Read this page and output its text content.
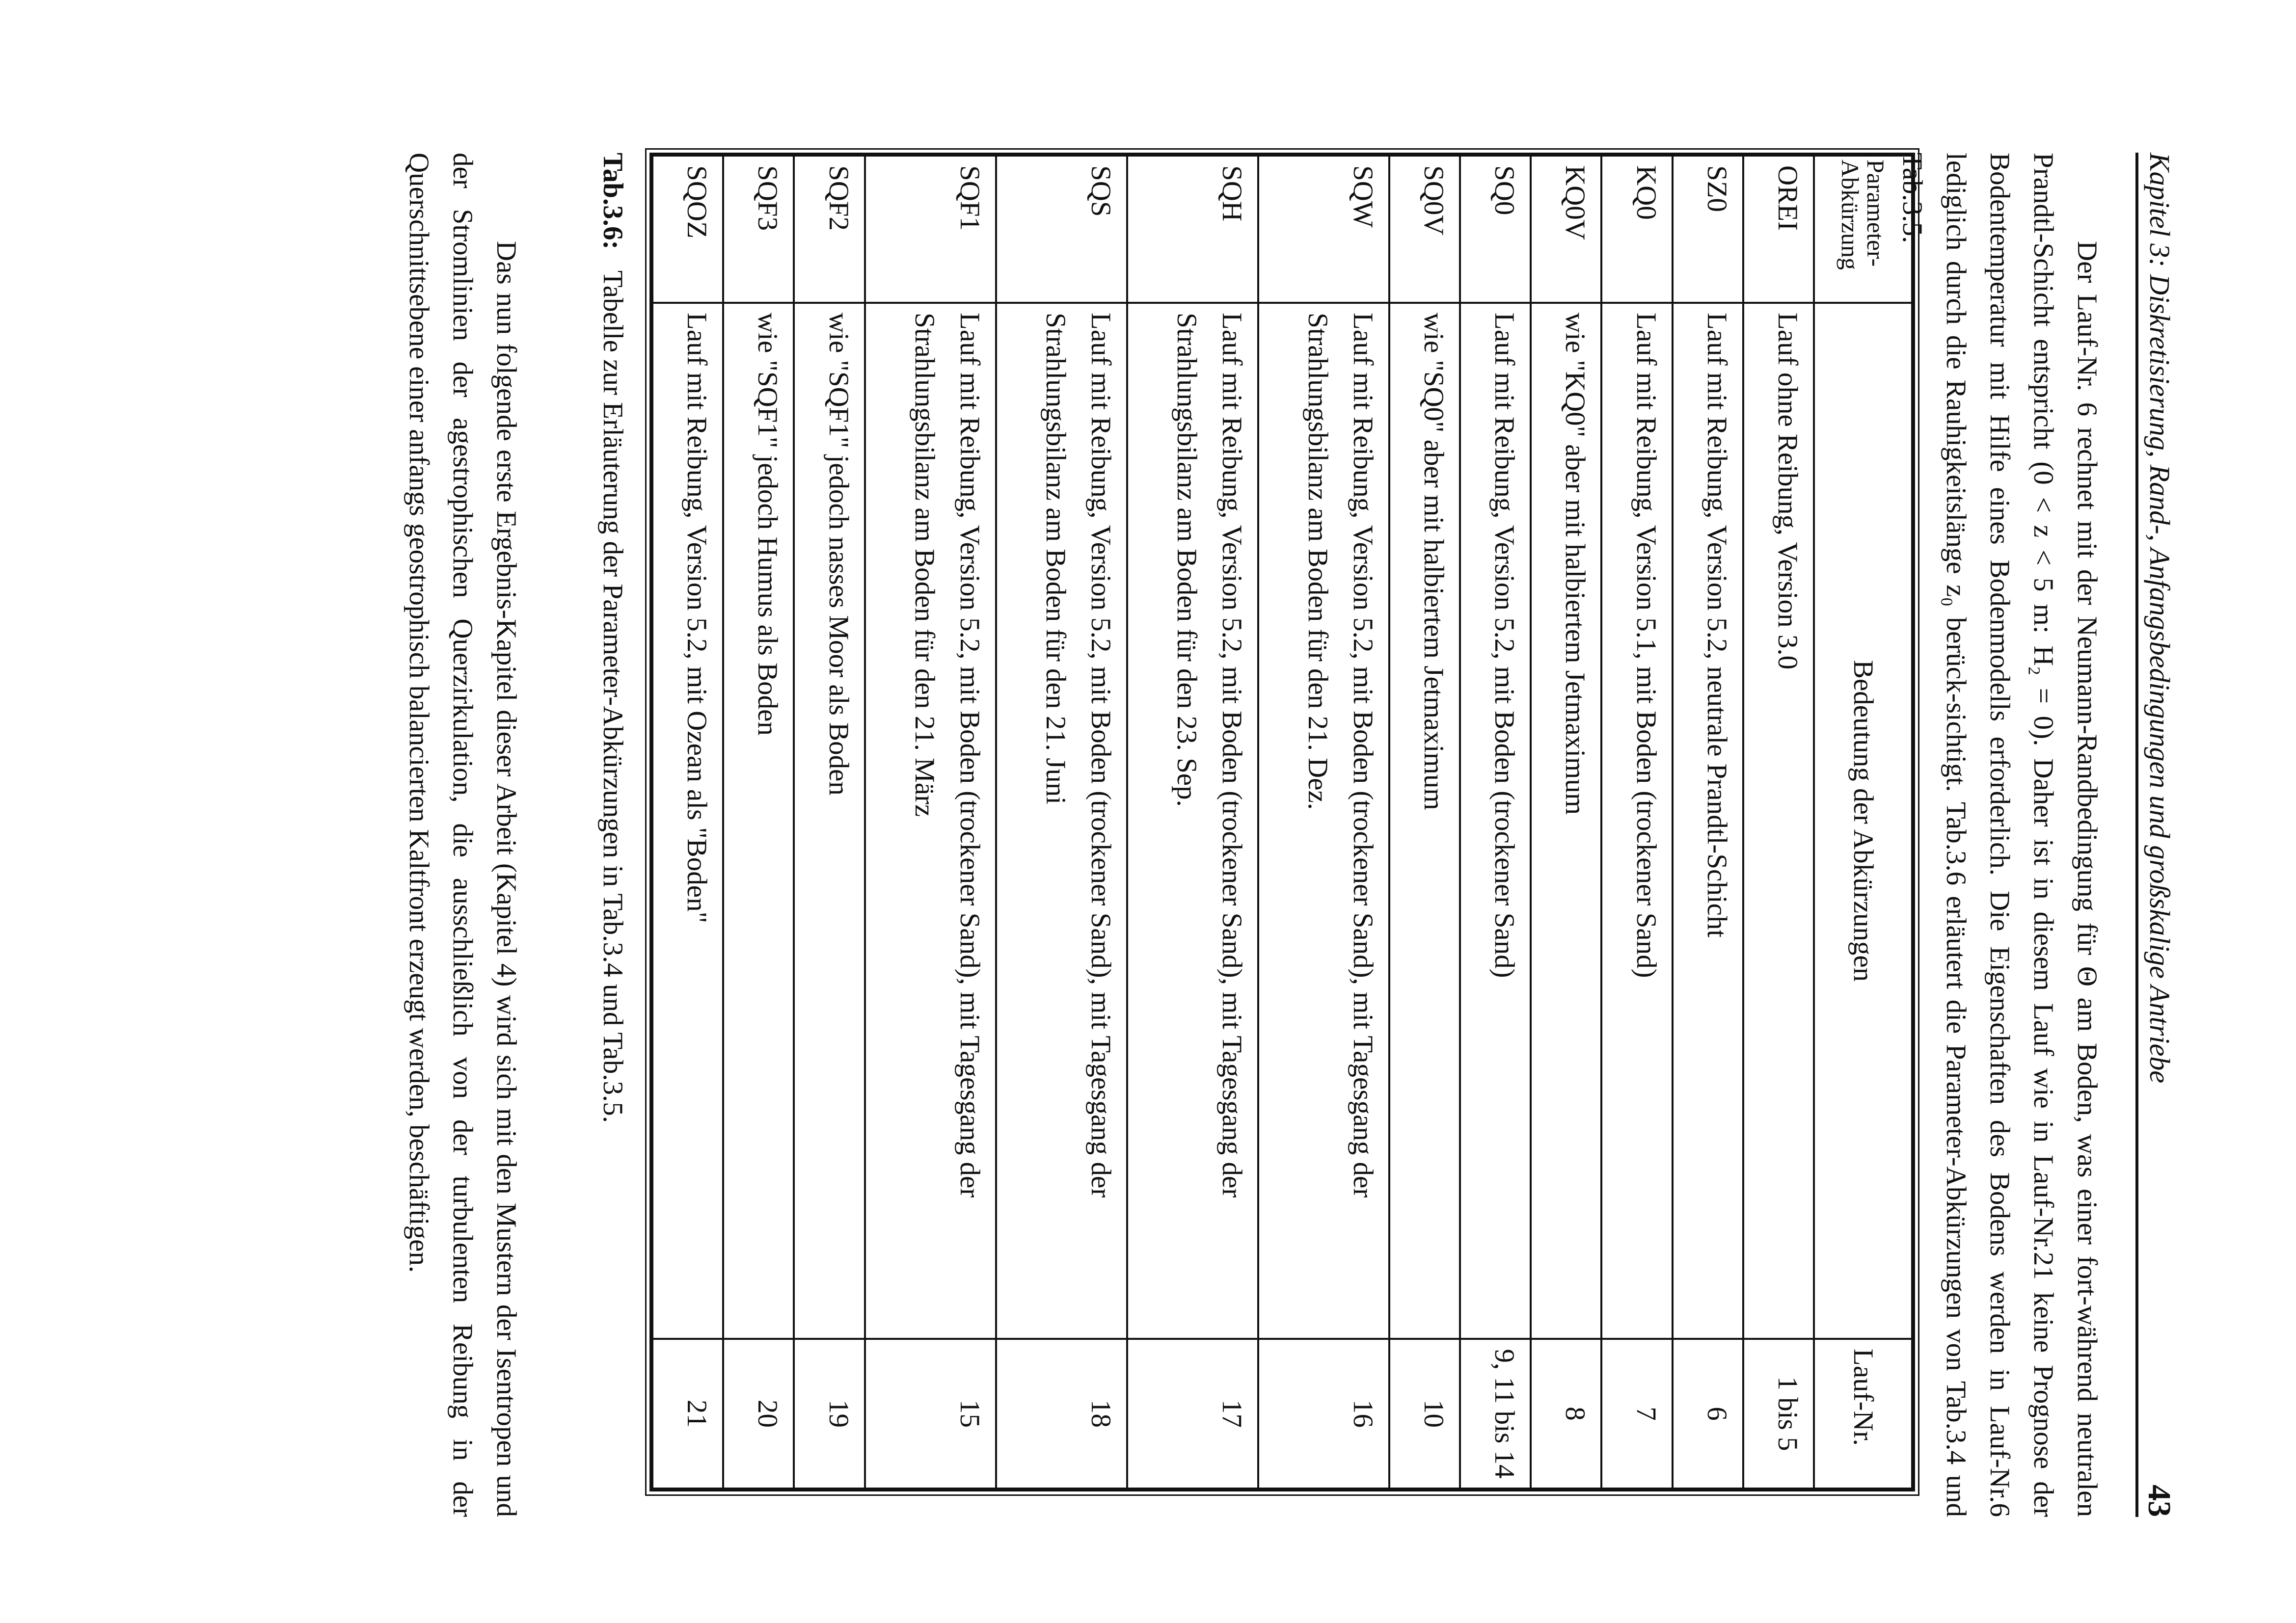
Kapitel 3: Diskretisierung, Rand-, Anfangsbedingungen und großskalige Antriebe
43
Der Lauf-Nr. 6 rechnet mit der Neumann-Randbedingung für Θ am Boden, was einer fort-während neutralen Prandtl-Schicht entspricht (0 < z < 5 m: H₂ = 0). Daher ist in diesem Lauf wie in Lauf-Nr.21 keine Prognose der Bodentemperatur mit Hilfe eines Bodenmodells erforderlich. Die Eigenschaften des Bodens werden in Lauf-Nr.6 lediglich durch die Rauhigkeitslänge z₀ berück-sichtigt. Tab.3.6 erläutert die Parameter-Abkürzungen von Tab.3.4 und Tab.3.5.
Parameter-Abkürzung	Bedeutung der Abkürzungen	Lauf-Nr.
OREI	Lauf ohne Reibung, Version 3.0	1 bis 5
SZ0	Lauf mit Reibung, Version 5.2, neutrale Prandtl-Schicht	6
KQ0	Lauf mit Reibung, Version 5.1, mit Boden (trockener Sand)	7
KQ0V	wie "KQ0" aber mit halbiertem Jetmaximum	8
SQ0	Lauf mit Reibung, Version 5.2, mit Boden (trockener Sand)	9, 11 bis 14
SQ0V	wie "SQ0" aber mit halbiertem Jetmaximum	10
SQW	Lauf mit Reibung, Version 5.2, mit Boden (trockener Sand), mit Tagesgang der Strahlungsbilanz am Boden für den 21. Dez.	16
SQH	Lauf mit Reibung, Version 5.2, mit Boden (trockener Sand), mit Tagesgang der Strahlungsbilanz am Boden für den 23. Sep.	17
SQS	Lauf mit Reibung, Version 5.2, mit Boden (trockener Sand), mit Tagesgang der Strahlungsbilanz am Boden für den 21. Juni	18
SQF1	Lauf mit Reibung, Version 5.2, mit Boden (trockener Sand), mit Tagesgang der Strahlungsbilanz am Boden für den 21. März	15
SQF2	wie "SQF1" jedoch nasses Moor als Boden	19
SQF3	wie "SQF1" jedoch Humus als Boden	20
SQOZ	Lauf mit Reibung, Version 5.2, mit Ozean als "Boden"	21
Tab.3.6:Tabelle zur Erläuterung der Parameter-Abkürzungen in Tab.3.4 und Tab.3.5.
Das nun folgende erste Ergebnis-Kapitel dieser Arbeit (Kapitel 4) wird sich mit den Mustern der Isentropen und der Stromlinien der agestrophischen Querzirkulation, die ausschließlich von der turbulenten Reibung in der Querschnittsebene einer anfangs geostrophisch balancierten Kaltfront erzeugt werden, beschäftigen.
